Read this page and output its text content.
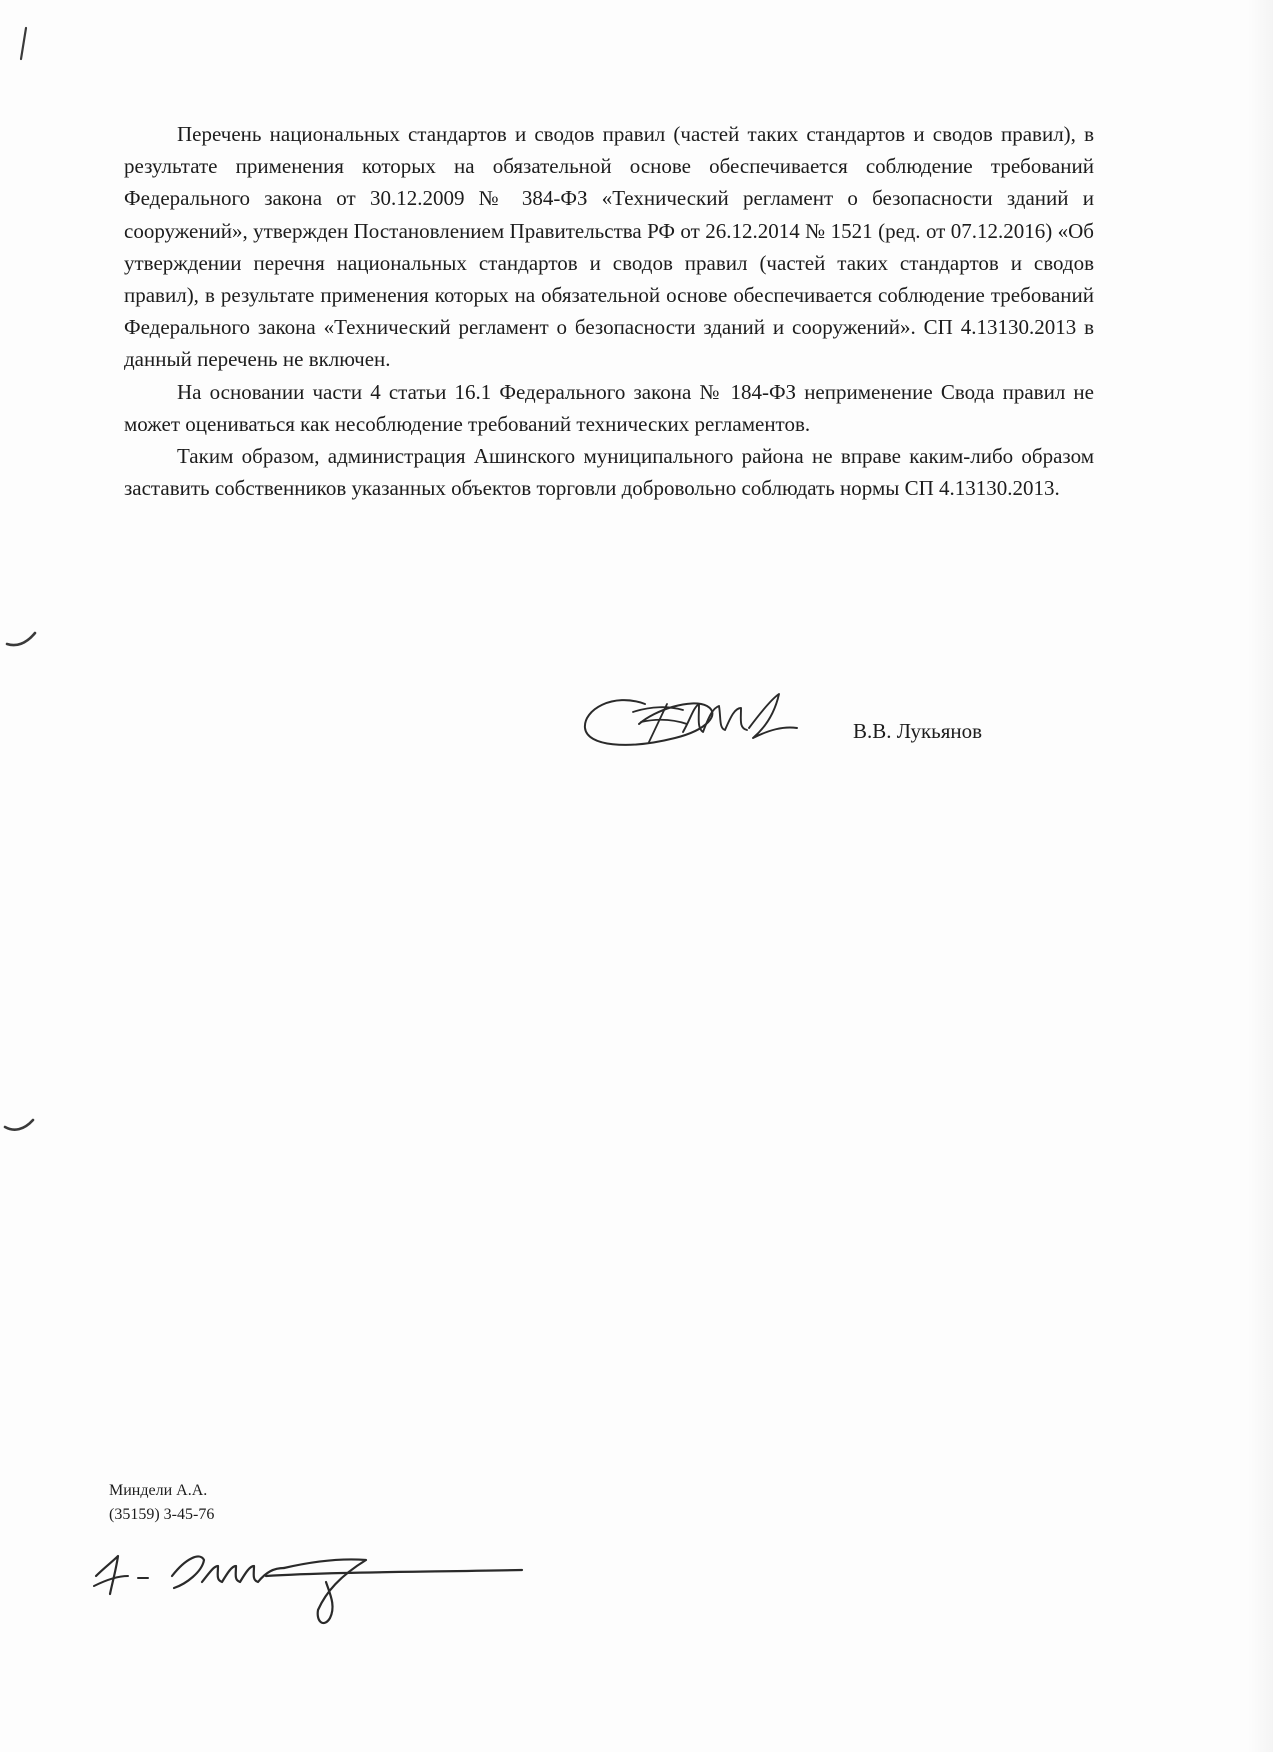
Перечень национальных стандартов и сводов правил (частей таких стандартов и сводов правил), в результате применения которых на обязательной основе обеспечивается соблюдение требований Федерального закона от 30.12.2009 № 384-ФЗ «Технический регламент о безопасности зданий и сооружений», утвержден Постановлением Правительства РФ от 26.12.2014 № 1521 (ред. от 07.12.2016) «Об утверждении перечня национальных стандартов и сводов правил (частей таких стандартов и сводов правил), в результате применения которых на обязательной основе обеспечивается соблюдение требований Федерального закона «Технический регламент о безопасности зданий и сооружений». СП 4.13130.2013 в данный перечень не включен.

На основании части 4 статьи 16.1 Федерального закона № 184-ФЗ неприменение Свода правил не может оцениваться как несоблюдение требований технических регламентов.

Таким образом, администрация Ашинского муниципального района не вправе каким-либо образом заставить собственников указанных объектов торговли добровольно соблюдать нормы СП 4.13130.2013.

В.В. Лукьянов
Миндели А.А.
(35159) 3-45-76
